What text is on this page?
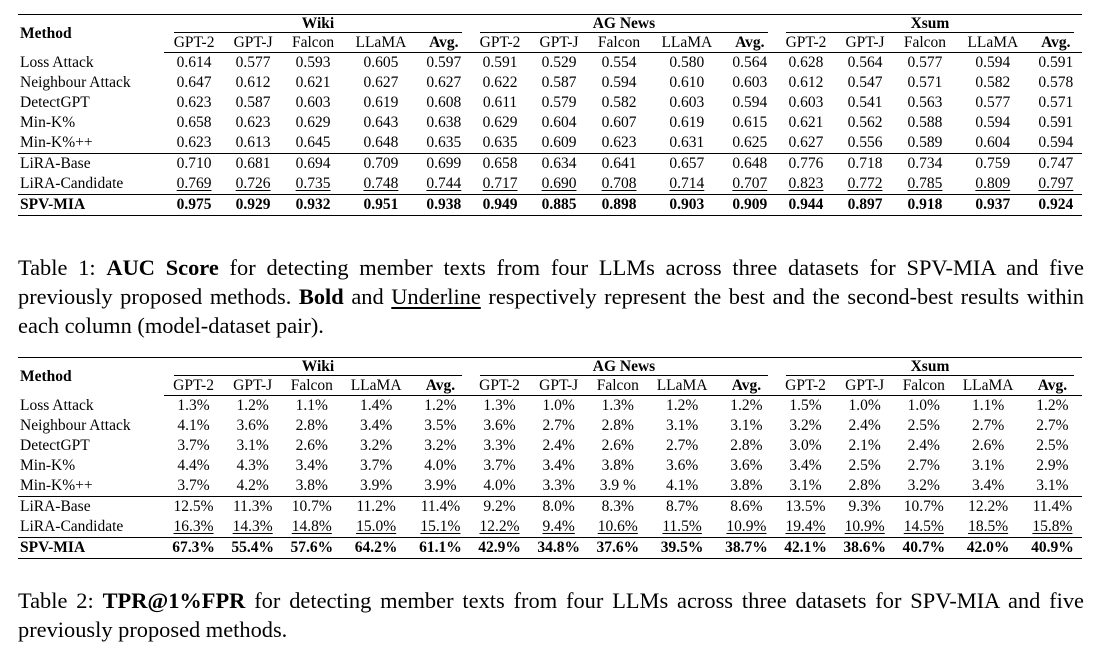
Method	Wiki					AG News					Xsum				

	GPT-2	GPT-J	Falcon	LLaMA	Avg.	GPT-2	GPT-J	Falcon	LLaMA	Avg.	GPT-2	GPT-J	Falcon	LLaMA	Avg.
Loss Attack	0.614	0.577	0.593	0.605	0.597	0.591	0.529	0.554	0.580	0.564	0.628	0.564	0.577	0.594	0.591
Neighbour Attack	0.647	0.612	0.621	0.627	0.627	0.622	0.587	0.594	0.610	0.603	0.612	0.547	0.571	0.582	0.578
DetectGPT	0.623	0.587	0.603	0.619	0.608	0.611	0.579	0.582	0.603	0.594	0.603	0.541	0.563	0.577	0.571
Min-K%	0.658	0.623	0.629	0.643	0.638	0.629	0.604	0.607	0.619	0.615	0.621	0.562	0.588	0.594	0.591
Min-K%++	0.623	0.613	0.645	0.648	0.635	0.635	0.609	0.623	0.631	0.625	0.627	0.556	0.589	0.604	0.594
LiRA-Base	0.710	0.681	0.694	0.709	0.699	0.658	0.634	0.641	0.657	0.648	0.776	0.718	0.734	0.759	0.747
LiRA-Candidate	0.769	0.726	0.735	0.748	0.744	0.717	0.690	0.708	0.714	0.707	0.823	0.772	0.785	0.809	0.797
SPV-MIA	0.975	0.929	0.932	0.951	0.938	0.949	0.885	0.898	0.903	0.909	0.944	0.897	0.918	0.937	0.924
Table 1: AUC Score for detecting member texts from four LLMs across three datasets for SPV-MIA and five previously proposed methods. Bold and Underline respectively represent the best and the second-best results within each column (model-dataset pair).
Method	Wiki					AG News					Xsum				

	GPT-2	GPT-J	Falcon	LLaMA	Avg.	GPT-2	GPT-J	Falcon	LLaMA	Avg.	GPT-2	GPT-J	Falcon	LLaMA	Avg.
Loss Attack	1.3%	1.2%	1.1%	1.4%	1.2%	1.3%	1.0%	1.3%	1.2%	1.2%	1.5%	1.0%	1.0%	1.1%	1.2%
Neighbour Attack	4.1%	3.6%	2.8%	3.4%	3.5%	3.6%	2.7%	2.8%	3.1%	3.1%	3.2%	2.4%	2.5%	2.7%	2.7%
DetectGPT	3.7%	3.1%	2.6%	3.2%	3.2%	3.3%	2.4%	2.6%	2.7%	2.8%	3.0%	2.1%	2.4%	2.6%	2.5%
Min-K%	4.4%	4.3%	3.4%	3.7%	4.0%	3.7%	3.4%	3.8%	3.6%	3.6%	3.4%	2.5%	2.7%	3.1%	2.9%
Min-K%++	3.7%	4.2%	3.8%	3.9%	3.9%	4.0%	3.3%	3.9 %	4.1%	3.8%	3.1%	2.8%	3.2%	3.4%	3.1%
LiRA-Base	12.5%	11.3%	10.7%	11.2%	11.4%	9.2%	8.0%	8.3%	8.7%	8.6%	13.5%	9.3%	10.7%	12.2%	11.4%
LiRA-Candidate	16.3%	14.3%	14.8%	15.0%	15.1%	12.2%	9.4%	10.6%	11.5%	10.9%	19.4%	10.9%	14.5%	18.5%	15.8%
SPV-MIA	67.3%	55.4%	57.6%	64.2%	61.1%	42.9%	34.8%	37.6%	39.5%	38.7%	42.1%	38.6%	40.7%	42.0%	40.9%
Table 2: TPR@1%FPR for detecting member texts from four LLMs across three datasets for SPV-MIA and five previously proposed methods.
